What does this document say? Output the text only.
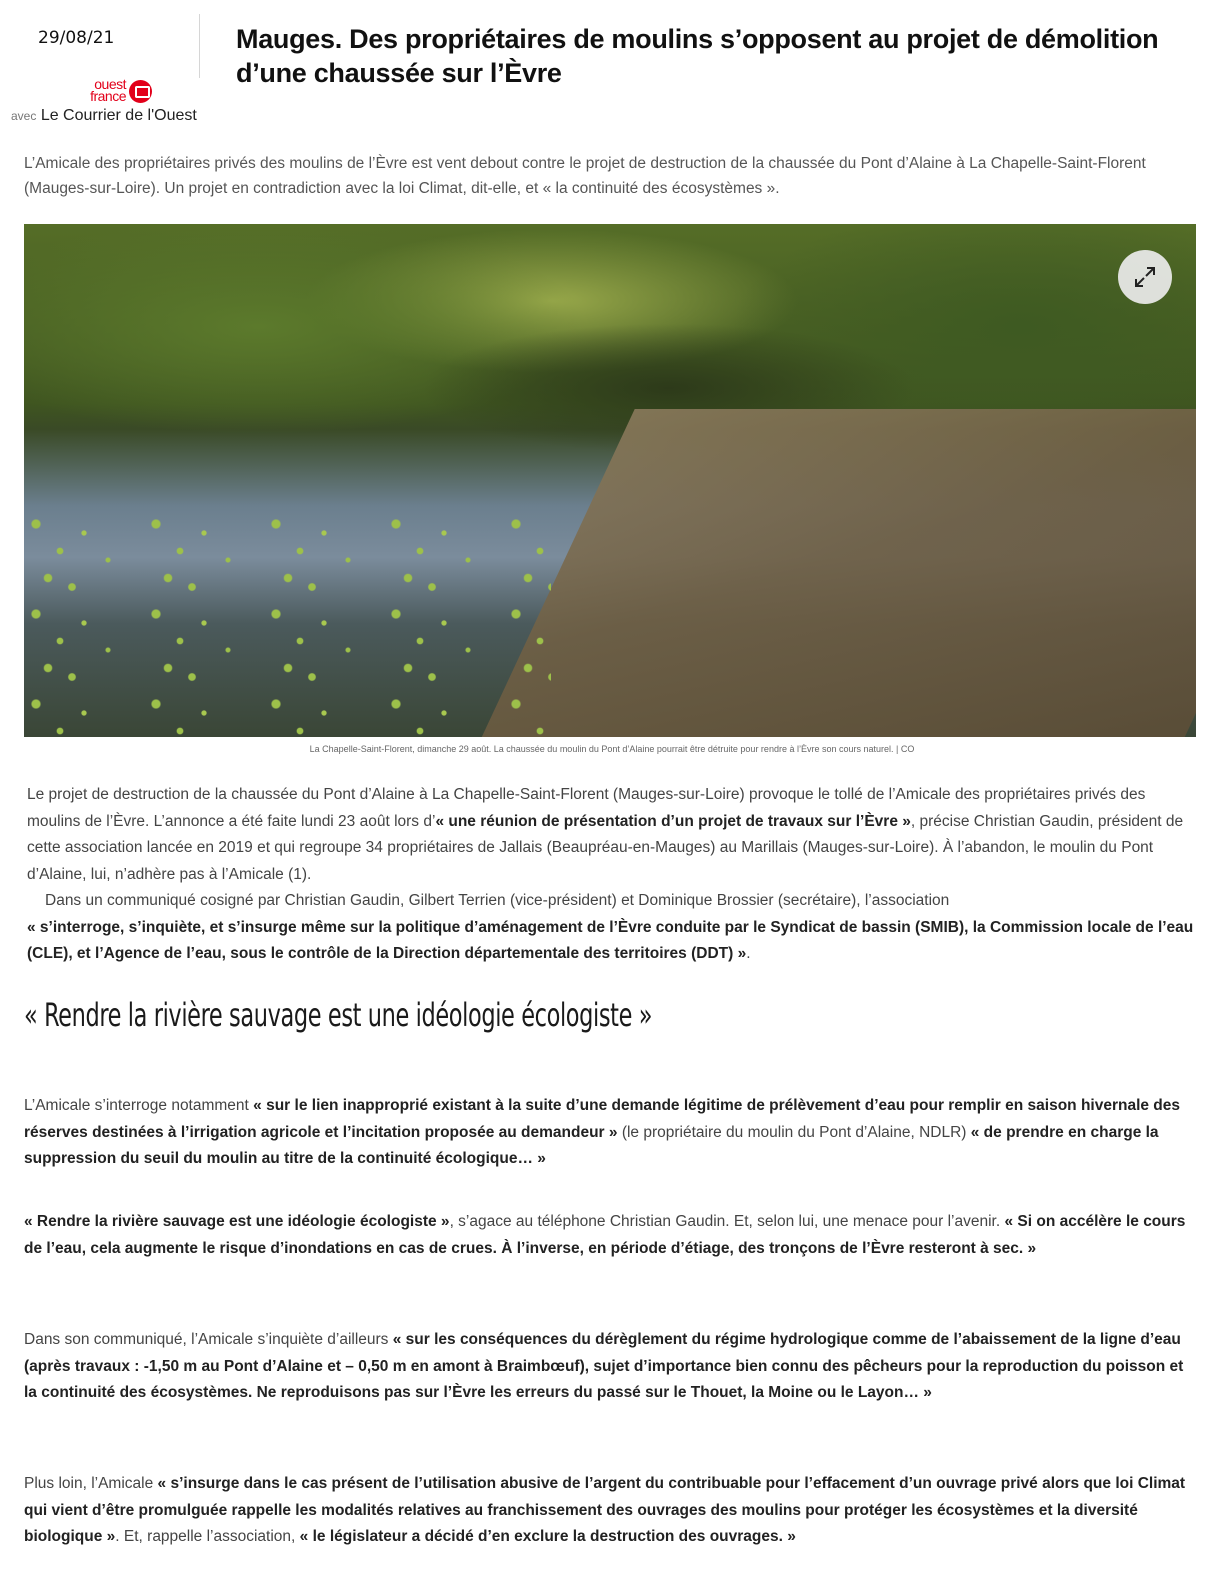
29/08/21
ouest
france
avec Le Courrier de l'Ouest
Mauges. Des propriétaires de moulins s’opposent au projet de démolition d’une chaussée sur l’Èvre

L’Amicale des propriétaires privés des moulins de l’Èvre est vent debout contre le projet de destruction de la chaussée du Pont d’Alaine à La Chapelle-Saint-Florent (Mauges-sur-Loire). Un projet en contradiction avec la loi Climat, dit-elle, et « la continuité des écosystèmes ».

La Chapelle-Saint-Florent, dimanche 29 août. La chaussée du moulin du Pont d’Alaine pourrait être détruite pour rendre à l’Èvre son cours naturel. | CO
Le projet de destruction de la chaussée du Pont d’Alaine à La Chapelle-Saint-Florent (Mauges-sur-Loire) provoque le tollé de l’Amicale des propriétaires privés des moulins de l’Èvre. L’annonce a été faite lundi 23 août lors d’« une réunion de présentation d’un projet de travaux sur l’Èvre », précise Christian Gaudin, président de cette association lancée en 2019 et qui regroupe 34 propriétaires de Jallais (Beaupréau-en-Mauges) au Marillais (Mauges-sur-Loire). À l’abandon, le moulin du Pont d’Alaine, lui, n’adhère pas à l’Amicale (1).
Dans un communiqué cosigné par Christian Gaudin, Gilbert Terrien (vice-président) et Dominique Brossier (secrétaire), l’association
« s’interroge, s’inquiète, et s’insurge même sur la politique d’aménagement de l’Èvre conduite par le Syndicat de bassin (SMIB), la Commission locale de l’eau (CLE), et l’Agence de l’eau, sous le contrôle de la Direction départementale des territoires (DDT) ».
« Rendre la rivière sauvage est une idéologie écologiste »
L’Amicale s’interroge notamment « sur le lien inapproprié existant à la suite d’une demande légitime de prélèvement d’eau pour remplir en saison hivernale des réserves destinées à l’irrigation agricole et l’incitation proposée au demandeur » (le propriétaire du moulin du Pont d’Alaine, NDLR) « de prendre en charge la suppression du seuil du moulin au titre de la continuité écologique… »
« Rendre la rivière sauvage est une idéologie écologiste », s’agace au téléphone Christian Gaudin. Et, selon lui, une menace pour l’avenir. « Si on accélère le cours de l’eau, cela augmente le risque d’inondations en cas de crues. À l’inverse, en période d’étiage, des tronçons de l’Èvre resteront à sec. »
Dans son communiqué, l’Amicale s’inquiète d’ailleurs « sur les conséquences du dérèglement du régime hydrologique comme de l’abaissement de la ligne d’eau (après travaux : -1,50 m au Pont d’Alaine et – 0,50 m en amont à Braimbœuf), sujet d’importance bien connu des pêcheurs pour la reproduction du poisson et la continuité des écosystèmes. Ne reproduisons pas sur l’Èvre les erreurs du passé sur le Thouet, la Moine ou le Layon… »
Plus loin, l’Amicale « s’insurge dans le cas présent de l’utilisation abusive de l’argent du contribuable pour l’effacement d’un ouvrage privé alors que loi Climat qui vient d’être promulguée rappelle les modalités relatives au franchissement des ouvrages des moulins pour protéger les écosystèmes et la diversité biologique ». Et, rappelle l’association, « le législateur a décidé d’en exclure la destruction des ouvrages. »
